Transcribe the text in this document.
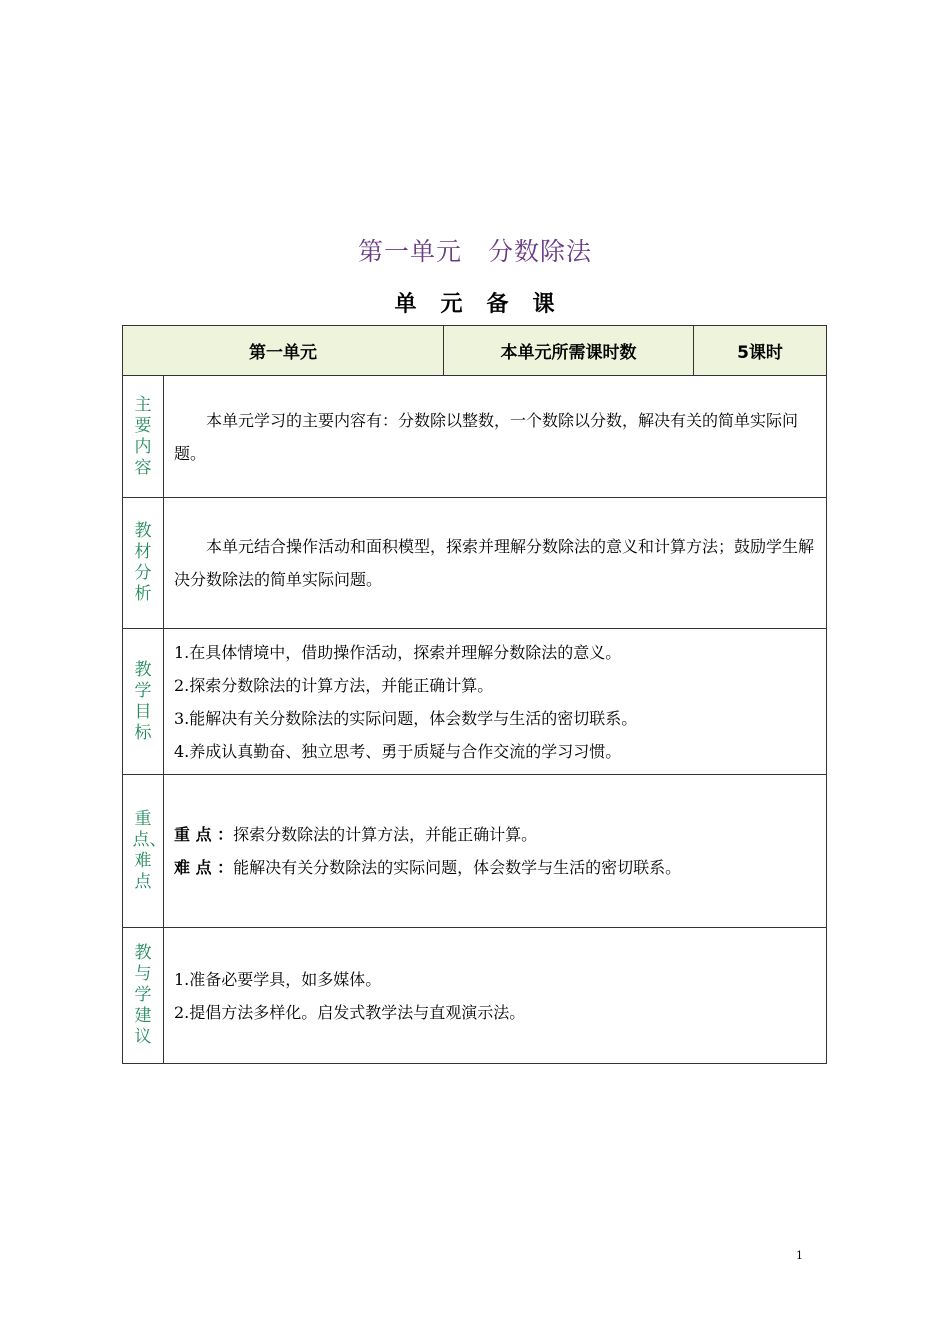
第一单元　分数除法
单　元　备　课
第一单元		本单元所需课时数	5课时

主要内容	本单元学习的主要内容有：分数除以整数，一个数除以分数，解决有关的简单实际问题。		

教材分析	本单元结合操作活动和面积模型，探索并理解分数除法的意义和计算方法；鼓励学生解决分数除法的简单实际问题。		

教学目标	1.在具体情境中，借助操作活动，探索并理解分数除法的意义。

2.探索分数除法的计算方法，并能正确计算。

3.能解决有关分数除法的实际问题，体会数学与生活的密切联系。

4.养成认真勤奋、独立思考、勇于质疑与合作交流的学习习惯。		

重点、难点	重 点 ：探索分数除法的计算方法，并能正确计算。

难 点 ：能解决有关分数除法的实际问题，体会数学与生活的密切联系。		

教与学建议	1.准备必要学具，如多媒体。

2.提倡方法多样化。启发式教学法与直观演示法。		

1
